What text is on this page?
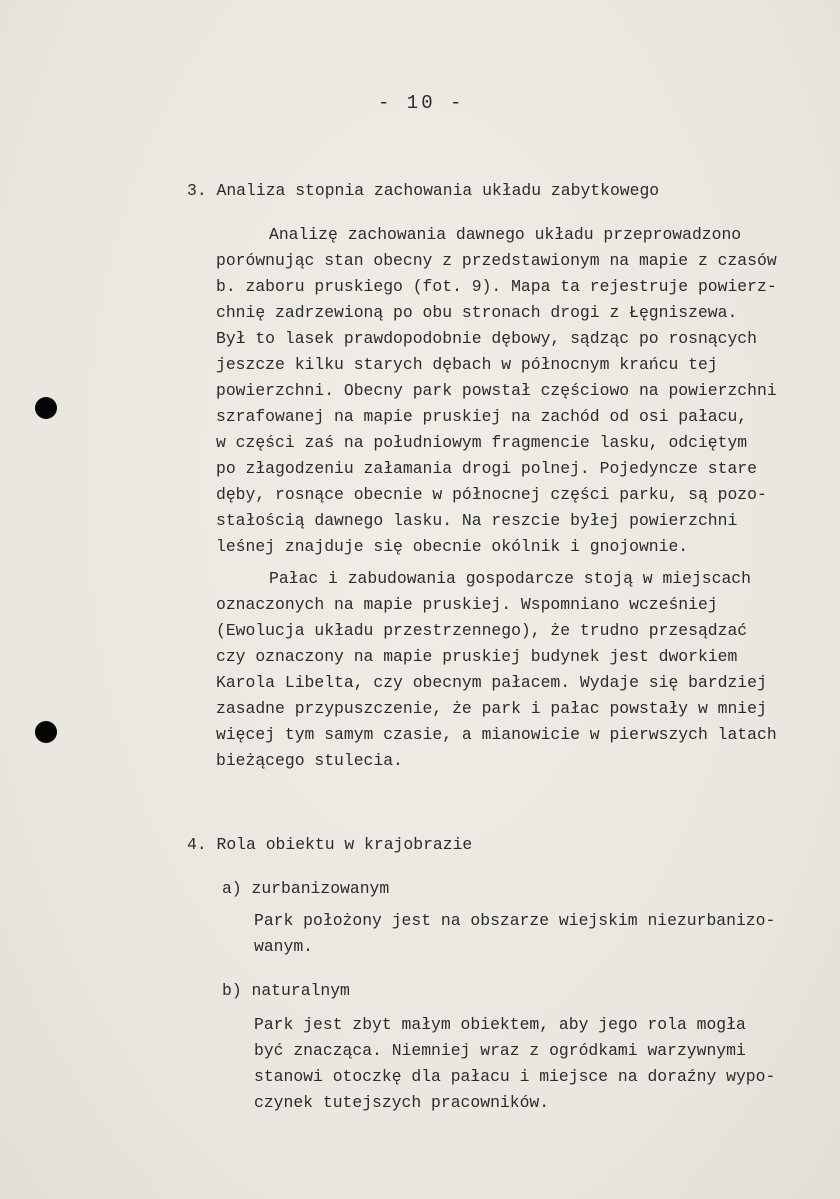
- 10 -
3. Analiza stopnia zachowania układu zabytkowego
Analizę zachowania dawnego układu przeprowadzono
porównując stan obecny z przedstawionym na mapie z czasów
b. zaboru pruskiego (fot. 9). Mapa ta rejestruje powierz-
chnię zadrzewioną po obu stronach drogi z Łęgniszewa.
Był to lasek prawdopodobnie dębowy, sądząc po rosnących
jeszcze kilku starych dębach w północnym krańcu tej
powierzchni. Obecny park powstał częściowo na powierzchni
szrafowanej na mapie pruskiej na zachód od osi pałacu,
w części zaś na południowym fragmencie lasku, odciętym
po złagodzeniu załamania drogi polnej. Pojedyncze stare
dęby, rosnące obecnie w północnej części parku, są pozo-
stałością dawnego lasku. Na reszcie byłej powierzchni
leśnej znajduje się obecnie okólnik i gnojownie.
Pałac i zabudowania gospodarcze stoją w miejscach
oznaczonych na mapie pruskiej. Wspomniano wcześniej
(Ewolucja układu przestrzennego), że trudno przesądzać
czy oznaczony na mapie pruskiej budynek jest dworkiem
Karola Libelta, czy obecnym pałacem. Wydaje się bardziej
zasadne przypuszczenie, że park i pałac powstały w mniej
więcej tym samym czasie, a mianowicie w pierwszych latach
bieżącego stulecia.
4. Rola obiektu w krajobrazie
a) zurbanizowanym
Park położony jest na obszarze wiejskim niezurbanizo-
wanym.
b) naturalnym
Park jest zbyt małym obiektem, aby jego rola mogła
być znacząca. Niemniej wraz z ogródkami warzywnymi
stanowi otoczkę dla pałacu i miejsce na doraźny wypo-
czynek tutejszych pracowników.
